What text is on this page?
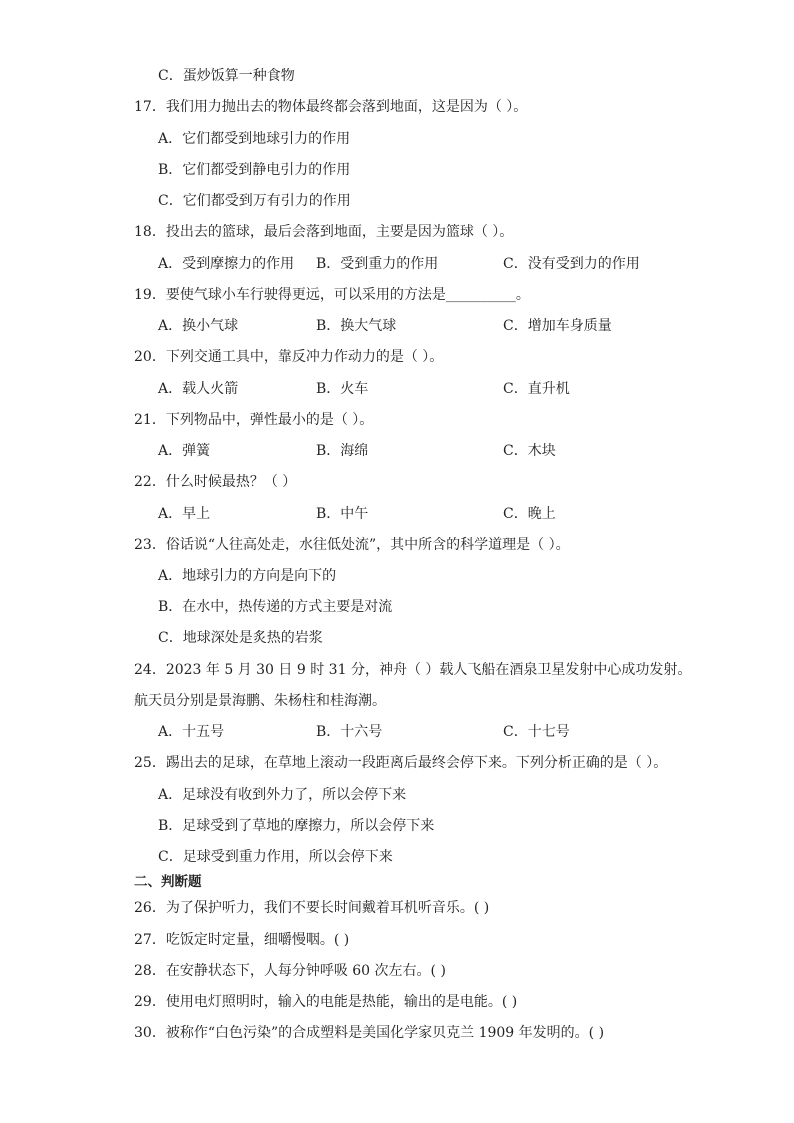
C．蛋炒饭算一种食物
17．我们用力抛出去的物体最终都会落到地面，这是因为（ ）。
A．它们都受到地球引力的作用
B．它们都受到静电引力的作用
C．它们都受到万有引力的作用
18．投出去的篮球，最后会落到地面，主要是因为篮球（ ）。
A．受到摩擦力的作用 B．受到重力的作用	C．没有受到力的作用
19．要使气球小车行驶得更远，可以采用的方法是__________。
A．换小气球	B．换大气球	C．增加车身质量
20．下列交通工具中，靠反冲力作动力的是（ ）。
A．载人火箭	B．火车	C．直升机
21．下列物品中，弹性最小的是（ ）。
A．弹簧	B．海绵	C．木块
22．什么时候最热？（ ）
A．早上	B．中午	C．晚上
23．俗话说“人往高处走，水往低处流”，其中所含的科学道理是（ ）。
A．地球引力的方向是向下的
B．在水中，热传递的方式主要是对流
C．地球深处是炙热的岩浆
24．2023 年 5 月 30 日 9 时 31 分，神舟（ ）载人飞船在酒泉卫星发射中心成功发射。
航天员分别是景海鹏、朱杨柱和桂海潮。
A．十五号	B．十六号	C．十七号
25．踢出去的足球，在草地上滚动一段距离后最终会停下来。下列分析正确的是（ ）。
A．足球没有收到外力了，所以会停下来
B．足球受到了草地的摩擦力，所以会停下来
C．足球受到重力作用，所以会停下来
二、判断题
26．为了保护听力，我们不要长时间戴着耳机听音乐。( )
27．吃饭定时定量，细嚼慢咽。( )
28．在安静状态下，人每分钟呼吸 60 次左右。( )
29．使用电灯照明时，输入的电能是热能，输出的是电能。( )
30．被称作“白色污染”的合成塑料是美国化学家贝克兰 1909 年发明的。( )
